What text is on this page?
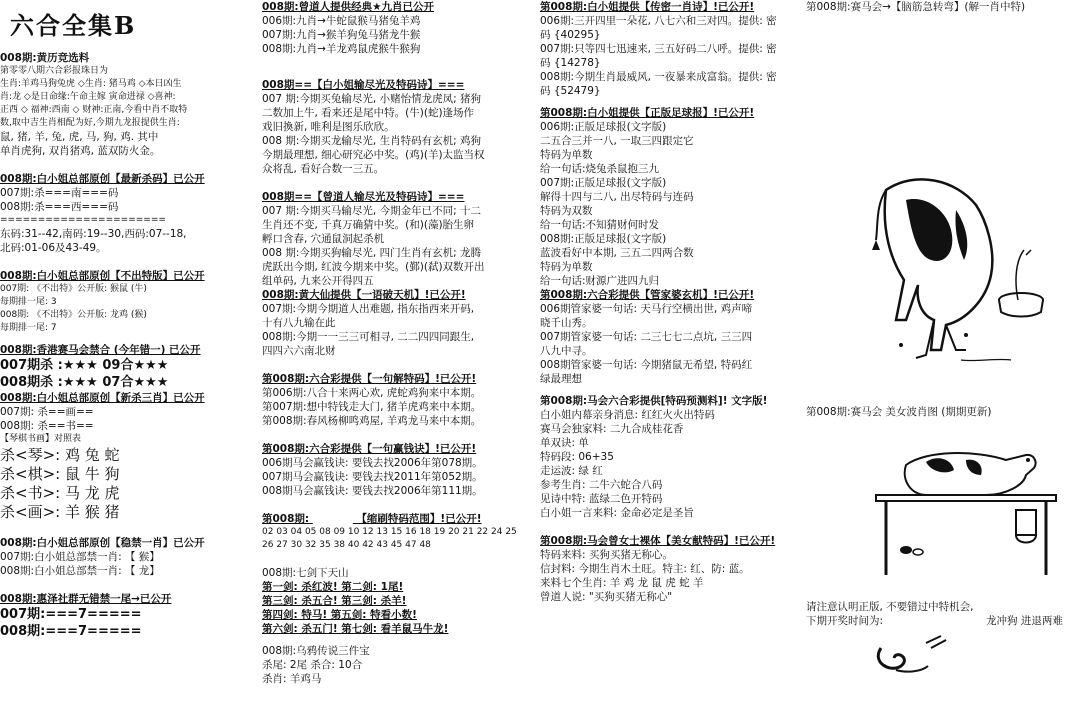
六合全集B
008期:黄历竞选料
第零零八期六合彩报珠日为
生肖:羊鸡马狗兔虎 ◇生肖: 猪马鸡 ◇本日凶生
肖:龙 ◇是日命缘:午命主嫁 寅命进禄 ◇喜神:
正西 ◇ 福神:西南 ◇ 财神:正南,今看中肖不取特
数,取中吉生肖相配为好,今期九龙报提供生肖:
鼠, 猪, 羊, 兔, 虎, 马, 狗, 鸡. 其中
单肖虎狗, 双肖猪鸡, 蓝双防火金。
008期:白小姐总部原创【最新杀码】已公开
007期:杀===南===码
008期:杀===西===码
======================
东码:31--42,南码:19--30,西码:07--18,
北码:01-06及43-49。
008期:白小姐总部原创【不出特版】已公开
007期: 《不出特》公开版: 猴鼠 (牛)
每期排一尾: 3
008期: 《不出特》公开版: 龙鸡 (猴)
每期排一尾: 7
008期:香港赛马会禁合 (今年错一) 已公开
007期杀 :★★★ 09合★★★
008期杀 :★★★ 07合★★★
008期:白小姐总部原创【新杀三肖】已公开
007期: 杀==画==
008期: 杀==书==
【琴棋书画】对照表
杀<琴>: 鸡 兔 蛇
杀<棋>: 鼠 牛 狗
杀<书>: 马 龙 虎
杀<画>: 羊 猴 猪
008期:白小姐总部原创【稳禁一肖】已公开
007期:白小姐总部禁一肖: 【 猴】
008期:白小姐总部禁一肖: 【 龙】
008期:惠泽社群无错禁一尾→已公开
007期:===7=====
008期:===7=====
008期:曾道人提供经典★九肖已公开
006期:九肖→牛蛇鼠猴马猪兔羊鸡
007期:九肖→猴羊狗兔马猪龙牛猴
008期:九肖→羊龙鸡鼠虎猴牛猴狗
008期==【白小姐输尽光及特码诗】===
007 期:今期买兔输尽光, 小赌怡情龙虎凤; 猪狗
二数加上牛, 看来还是尾中特。(牛)(蛇)逢场作
戏旧換新, 唯利是图乐欣欣。
008 期:今期买龙输尽光, 生肖特码有玄机; 鸡狗
今期最理想, 细心研究必中奖。(鸡)(羊)太监当权
众将乱, 看好合数一三五。
008期==【曾道人输尽光及特码诗】===
007 期:今期买马输尽光, 今期金年已不同; 十二
生肖还不变, 千真万确猜中奖。(和)(藻)胎生卵
孵口含春, 穴通鼠洞起杀机
008 期:今期买狗输尽光, 四门生肖有玄机; 龙腾
虎跃出今期, 红波今期来中奖。(鄞)(弑)双数开出
组单码, 九来公开得四五
008期:黄大仙提供【一语破天机】!已公开!
007期:今期今期道人出难题, 指东指西来开码,
十有八九输在此
008期:今期一一三三可相寻, 二二四四同跟生,
四四六六南北财
第008期:六合彩提供【一句解特码】!已公开!
第006期:八合十来两心欢, 虎蛇鸡狗来中本期。
第007期:想中特钱走大门, 猪羊虎鸡来中本期。
第008期:春风杨柳鸣鸡屋, 羊鸡龙马来中本期。
第008期:六合彩提供【一句赢钱诀】!已公开!
006期马会赢钱诀: 要钱去找2006年第078期。
007期马会赢钱诀: 要钱去找2011年第052期。
008期马会赢钱诀: 要钱去找2006年第111期。
第008期:	【缩刷特码范围】!已公开!
02 03 04 05 08 09 10 12 13 15 16 18 19 20 21 22 24 25
26 27 30 32 35 38 40 42 43 45 47 48
008期:七剑下天山
第一剑: 杀红波! 第二剑: 1尾!
第三剑: 杀五合! 第三剑: 杀羊!
第四剑: 特马! 第五剑: 特看小数!
第六剑: 杀五门! 第七剑: 看羊鼠马牛龙!
008期:乌鸦传说三件宝
杀尾: 2尾 杀合: 10合
杀肖: 羊鸡马
第008期:白小姐提供【传密一肖诗】!已公开!
006期:三开四里一朵花, 八七六和三对四。提供: 密
码 {40295}
007期:只等四七迅速来, 三五好码二八呼。提供: 密
码 {14278}
008期:今期生肖最威风, 一夜暴来成富翁。提供: 密
码 {52479}
第008期:白小姐提供【正版足球报】!已公开!
006期:正版足球报(文字版)
二五合三并一八, 一取三四跟定它
特码为单数
给一句话:烧兔杀鼠抱三九
007期:正版足球报(文字版)
解得十四与二八, 出尽特码与连码
特码为双数
给一句话:不知猜财何时发
008期:正版足球报(文字版)
蓝波看好中本期, 三五二四两合数
特码为单数
给一句话:财源广进四九归
第008期:六合彩提供【管家婆玄机】!已公开!
006期管家婆一句话: 天马行空横出世, 鸡声啼
晓千山秀。
007期管家婆一句话: 二三七七二点坑, 三三四
八九中寻。
008期管家婆一句话: 今期猪鼠无希望, 特码红
绿最理想
第008期:马会六合彩提供[特码预测料]! 文字版!
白小姐内幕亲身消息: 红红火火出特码
赛马会独家料: 二九合成桂花香
单双诀: 单
特码段: 06+35
走运波: 绿 红
参考生肖: 二牛六蛇合八码
见诗中特: 蓝绿二色开特码
白小姐一言来料: 金命必定是圣旨
第008期:马会曾女士裸体【美女献特码】!已公开!
特码来料: 买狗买猪无称心。
信封料: 今期生肖木土旺。特主: 红、防: 蓝。
来料七个生肖: 羊 鸡 龙 鼠 虎 蛇 羊
曾道人说: "买狗买猪无称心"
第008期:赛马会→【脑筋急转弯】(解一肖中特)
第008期:赛马会 美女波肖图 (期期更新)
请注意认明正版, 不要错过中特机会,
下期开奖时间为:	龙冲狗 进退两难
